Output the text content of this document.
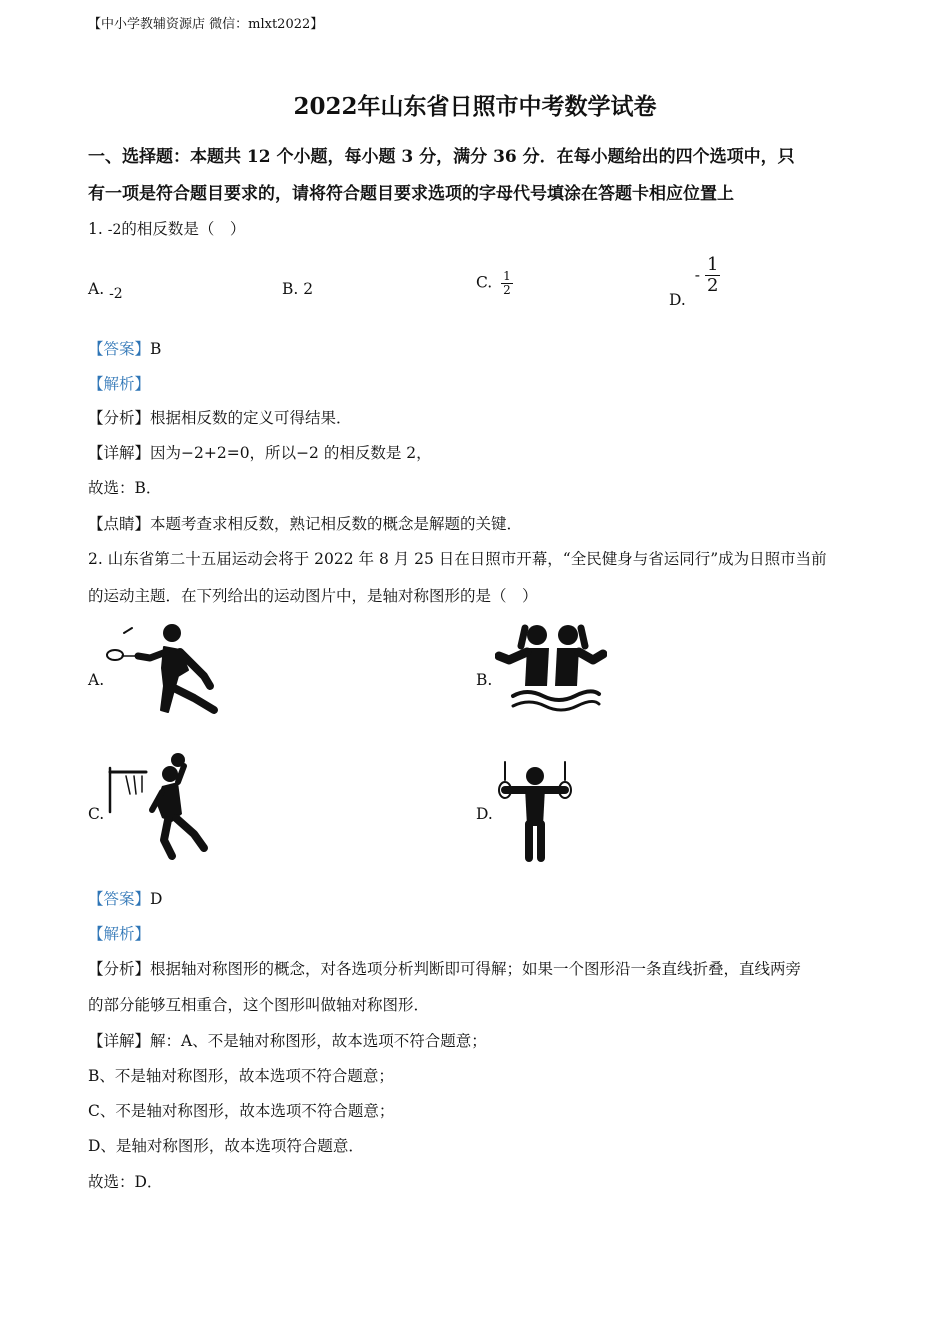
【中小学教辅资源店 微信：mlxt2022】
2022年山东省日照市中考数学试卷
一、选择题：本题共 12 个小题，每小题 3 分，满分 36 分．在每小题给出的四个选项中，只
有一项是符合题目要求的，请将符合题目要求选项的字母代号填涂在答题卡相应位置上
1. -2的相反数是（　）
A. -2	B. 2	C. $\frac{1}{2}$
D. - $\frac{1}{2}$
【答案】B
【解析】
【分析】根据相反数的定义可得结果．
【详解】因为−2+2=0，所以−2 的相反数是 2，
故选：B．
【点睛】本题考查求相反数，熟记相反数的概念是解题的关键．
2. 山东省第二十五届运动会将于 2022 年 8 月 25 日在日照市开幕，“全民健身与省运同行”成为日照市当前
的运动主题．在下列给出的运动图片中，是轴对称图形的是（　）
A.	B.
C.	D.
【答案】D
【解析】
【分析】根据轴对称图形的概念，对各选项分析判断即可得解；如果一个图形沿一条直线折叠，直线两旁
的部分能够互相重合，这个图形叫做轴对称图形．
【详解】解：A、不是轴对称图形，故本选项不符合题意；
B、不是轴对称图形，故本选项不符合题意；
C、不是轴对称图形，故本选项不符合题意；
D、是轴对称图形，故本选项符合题意．
故选：D．
